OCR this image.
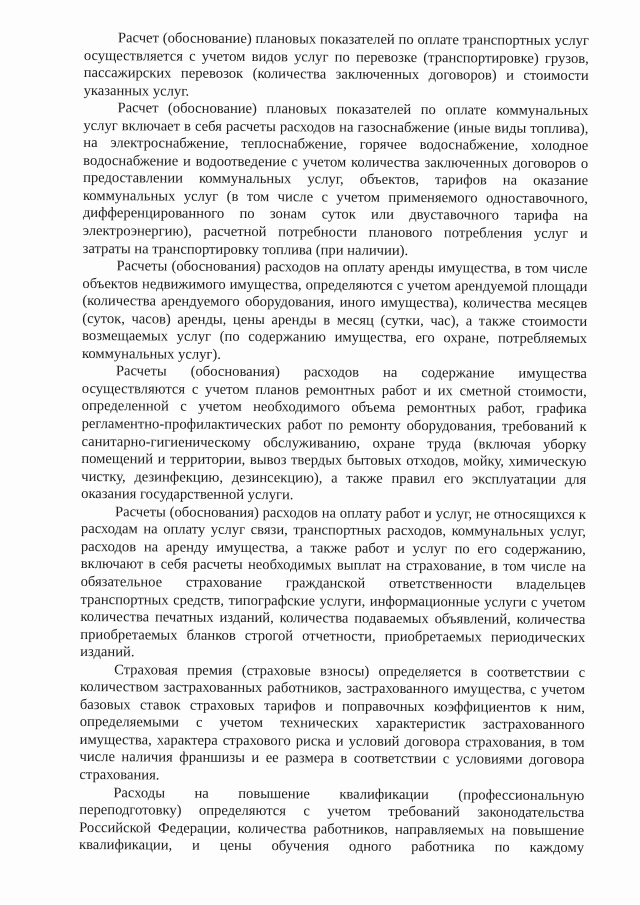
Расчет (обоснование) плановых показателей по оплате транспортных услуг осуществляется с учетом видов услуг по перевозке (транспортировке) грузов, пассажирских перевозок (количества заключенных договоров) и стоимости указанных услуг.

Расчет (обоснование) плановых показателей по оплате коммунальных услуг включает в себя расчеты расходов на газоснабжение (иные виды топлива), на электроснабжение, теплоснабжение, горячее водоснабжение, холодное водоснабжение и водоотведение с учетом количества заключенных договоров о предоставлении коммунальных услуг, объектов, тарифов на оказание коммунальных услуг (в том числе с учетом применяемого одноставочного, дифференцированного по зонам суток или двуставочного тарифа на электроэнергию), расчетной потребности планового потребления услуг и затраты на транспортировку топлива (при наличии).

Расчеты (обоснования) расходов на оплату аренды имущества, в том числе объектов недвижимого имущества, определяются с учетом арендуемой площади (количества арендуемого оборудования, иного имущества), количества месяцев (суток, часов) аренды, цены аренды в месяц (сутки, час), а также стоимости возмещаемых услуг (по содержанию имущества, его охране, потребляемых коммунальных услуг).

Расчеты (обоснования) расходов на содержание имущества осуществляются с учетом планов ремонтных работ и их сметной стоимости, определенной с учетом необходимого объема ремонтных работ, графика регламентно-профилактических работ по ремонту оборудования, требований к санитарно-гигиеническому обслуживанию, охране труда (включая уборку помещений и территории, вывоз твердых бытовых отходов, мойку, химическую чистку, дезинфекцию, дезинсекцию), а также правил его эксплуатации для оказания государственной услуги.

Расчеты (обоснования) расходов на оплату работ и услуг, не относящихся к расходам на оплату услуг связи, транспортных расходов, коммунальных услуг, расходов на аренду имущества, а также работ и услуг по его содержанию, включают в себя расчеты необходимых выплат на страхование, в том числе на обязательное страхование гражданской ответственности владельцев транспортных средств, типографские услуги, информационные услуги с учетом количества печатных изданий, количества подаваемых объявлений, количества приобретаемых бланков строгой отчетности, приобретаемых периодических изданий.

Страховая премия (страховые взносы) определяется в соответствии с количеством застрахованных работников, застрахованного имущества, с учетом базовых ставок страховых тарифов и поправочных коэффициентов к ним, определяемыми с учетом технических характеристик застрахованного имущества, характера страхового риска и условий договора страхования, в том числе наличия франшизы и ее размера в соответствии с условиями договора страхования.

Расходы на повышение квалификации (профессиональную переподготовку) определяются с учетом требований законодательства Российской Федерации, количества работников, направляемых на повышение квалификации, и цены обучения одного работника по каждому
